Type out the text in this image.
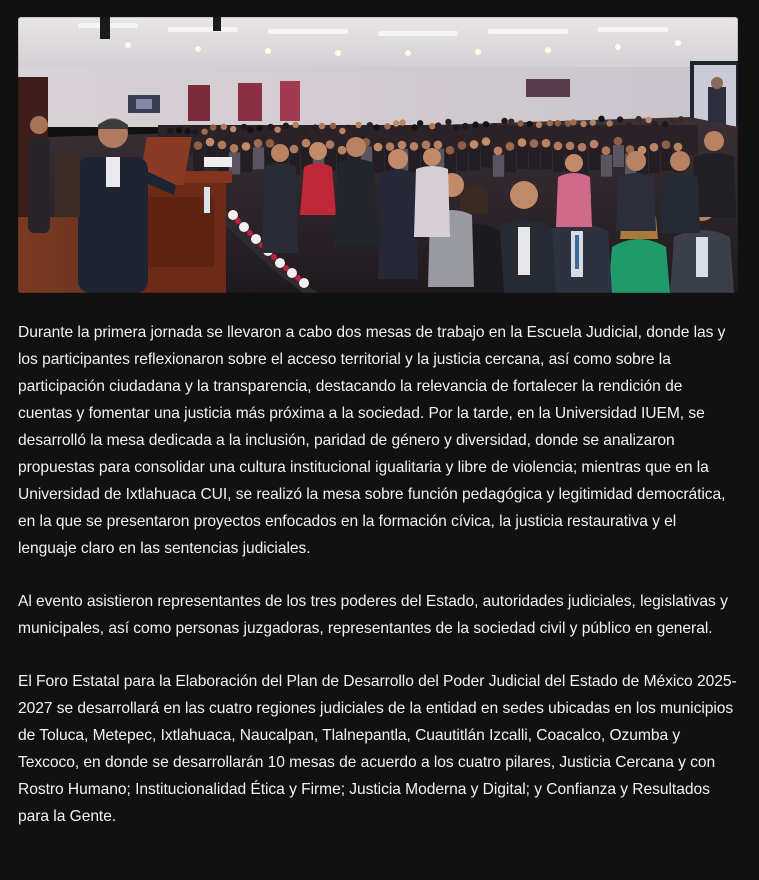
Durante la primera jornada se llevaron a cabo dos mesas de trabajo en la Escuela Judicial, donde las y los participantes reflexionaron sobre el acceso territorial y la justicia cercana, así como sobre la participación ciudadana y la transparencia, destacando la relevancia de fortalecer la rendición de cuentas y fomentar una justicia más próxima a la sociedad. Por la tarde, en la Universidad IUEM, se desarrolló la mesa dedicada a la inclusión, paridad de género y diversidad, donde se analizaron propuestas para consolidar una cultura institucional igualitaria y libre de violencia; mientras que en la Universidad de Ixtlahuaca CUI, se realizó la mesa sobre función pedagógica y legitimidad democrática, en la que se presentaron proyectos enfocados en la formación cívica, la justicia restaurativa y el lenguaje claro en las sentencias judiciales.

Al evento asistieron representantes de los tres poderes del Estado, autoridades judiciales, legislativas y municipales, así como personas juzgadoras, representantes de la sociedad civil y público en general.

El Foro Estatal para la Elaboración del Plan de Desarrollo del Poder Judicial del Estado de México 2025-2027 se desarrollará en las cuatro regiones judiciales de la entidad en sedes ubicadas en los municipios de Toluca, Metepec, Ixtlahuaca, Naucalpan, Tlalnepantla, Cuautitlán Izcalli, Coacalco, Ozumba y Texcoco, en donde se desarrollarán 10 mesas de acuerdo a los cuatro pilares, Justicia Cercana y con Rostro Humano; Institucionalidad Ética y Firme; Justicia Moderna y Digital; y Confianza y Resultados para la Gente.
